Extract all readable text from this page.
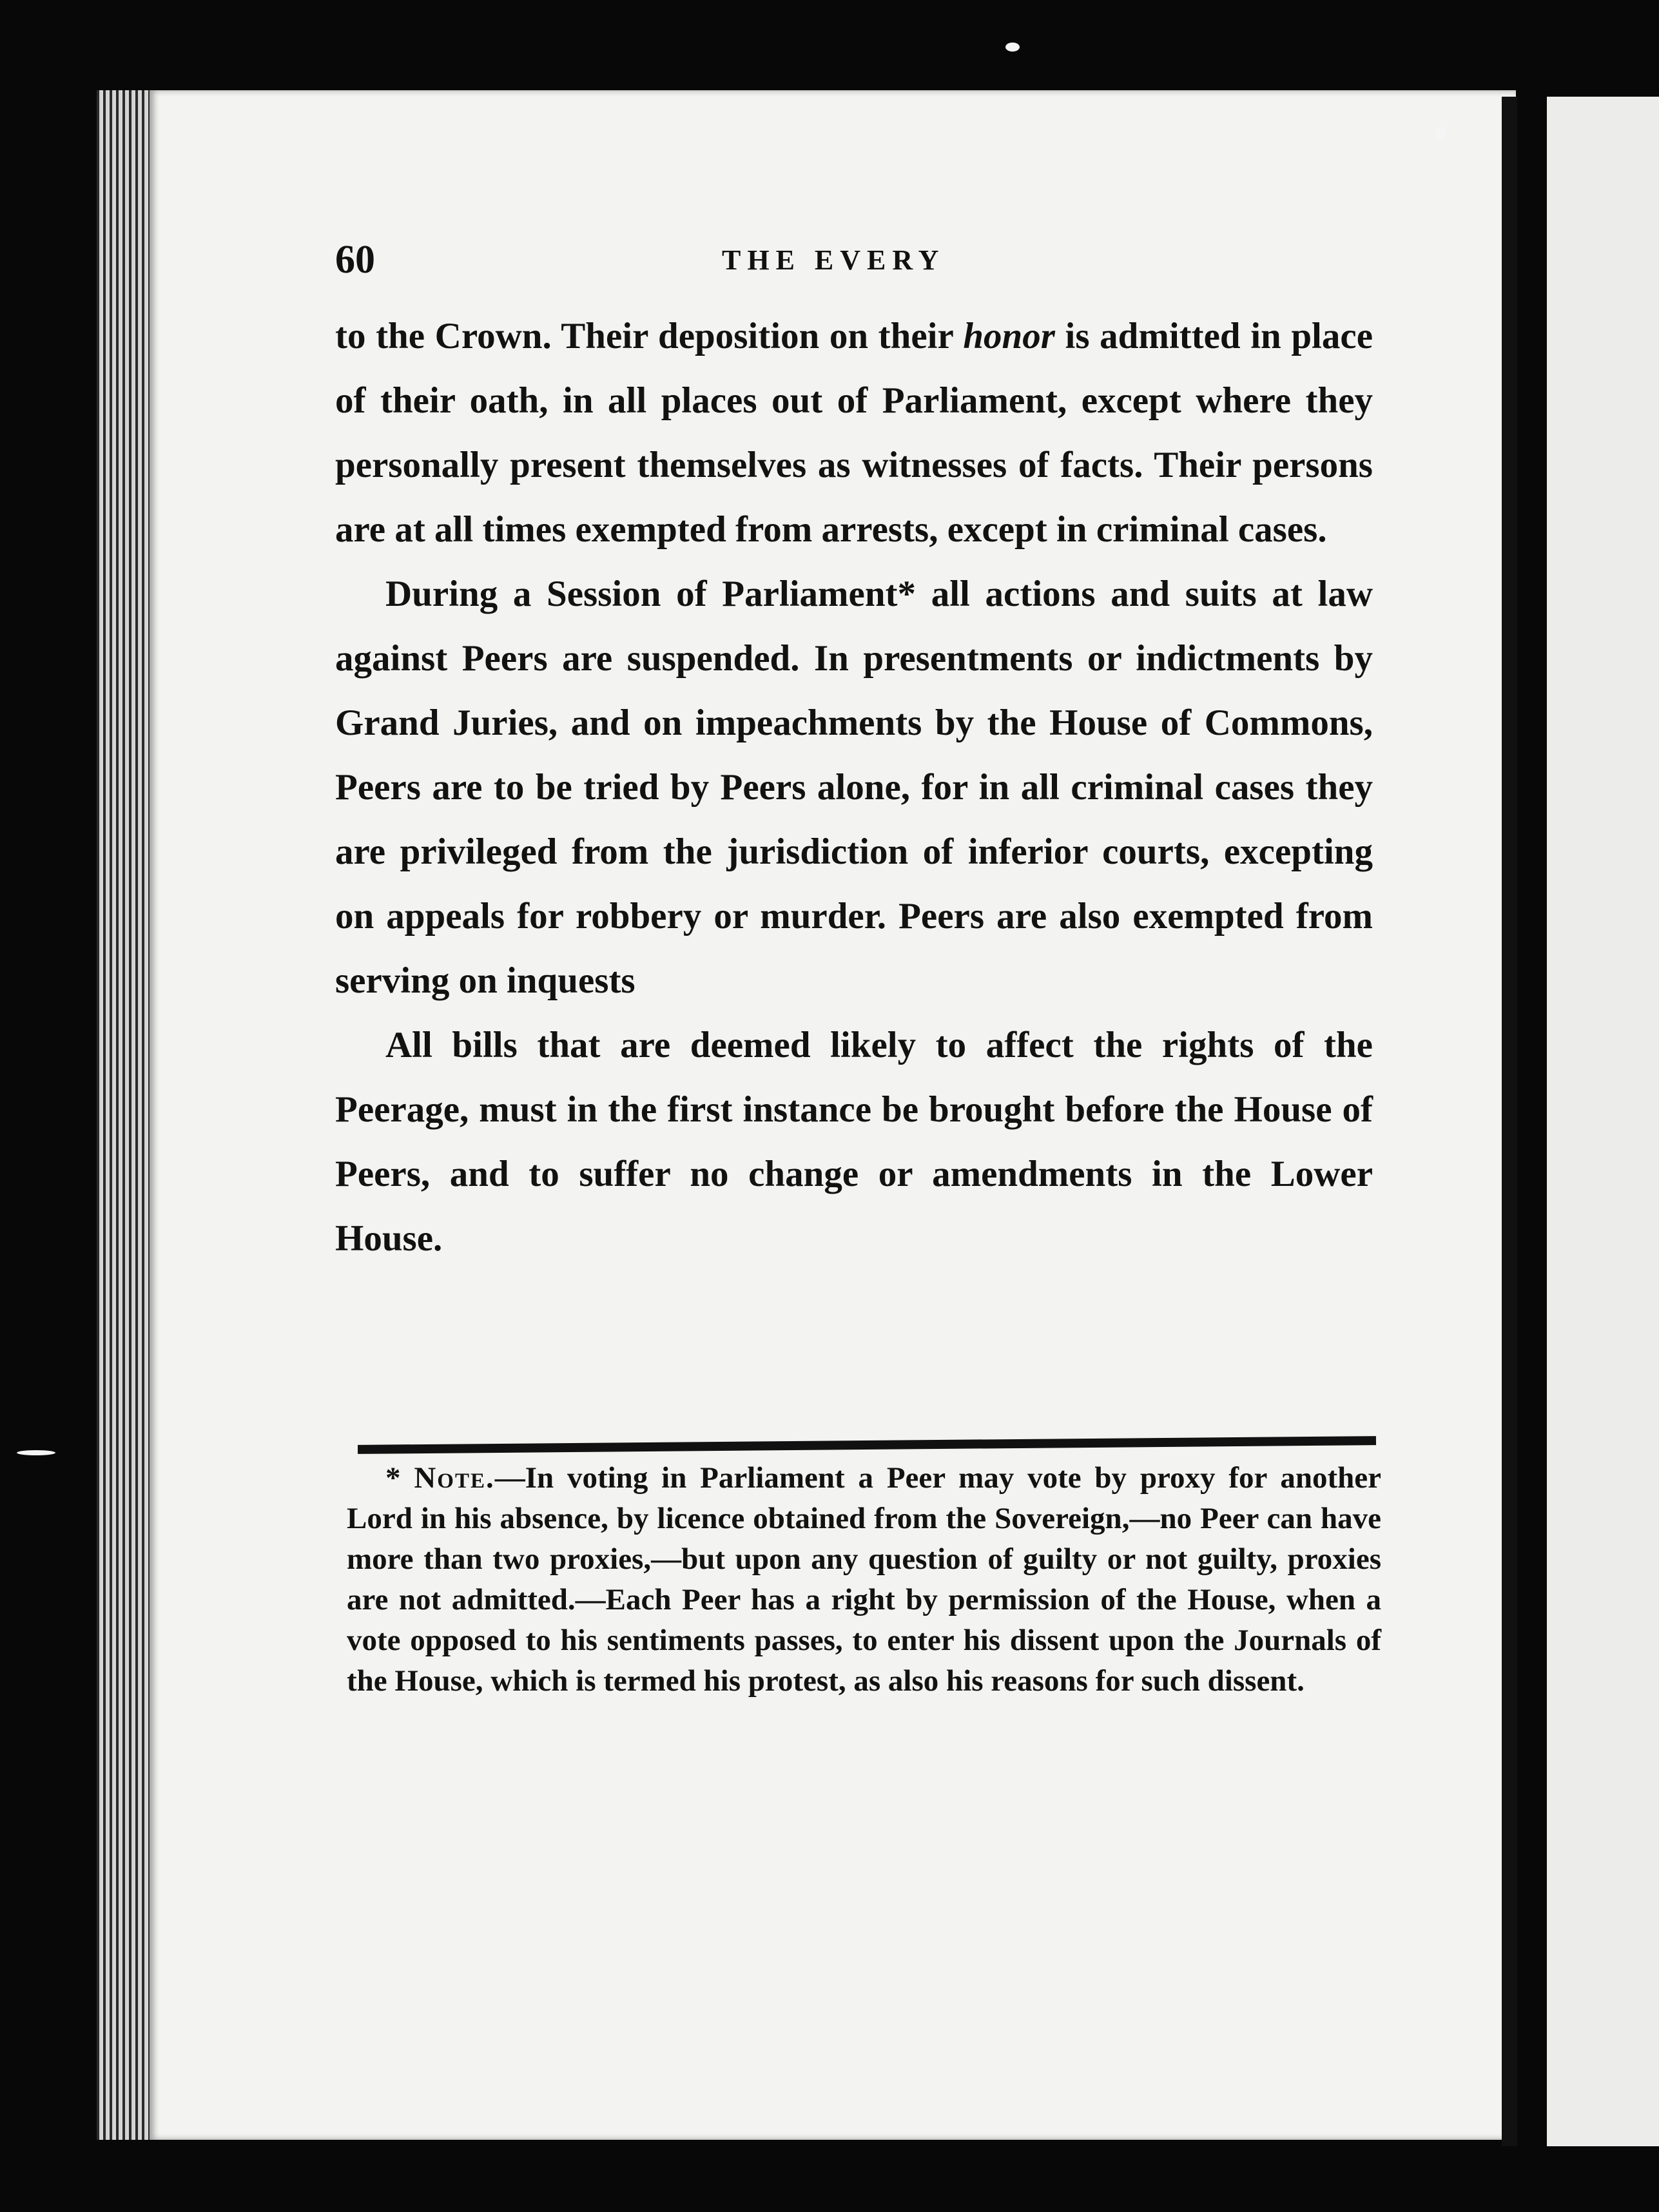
60	THE EVERY

to the Crown. Their deposition on their honor is admitted in place of their oath, in all places out of Parliament, except where they personally present themselves as witnesses of facts. Their persons are at all times exempted from arrests, except in criminal cases.

During a Session of Parliament* all actions and suits at law against Peers are suspended. In presentments or indictments by Grand Juries, and on impeachments by the House of Commons, Peers are to be tried by Peers alone, for in all criminal cases they are privileged from the jurisdiction of inferior courts, excepting on appeals for robbery or murder. Peers are also exempted from serving on inquests

All bills that are deemed likely to affect the rights of the Peerage, must in the first instance be brought before the House of Peers, and to suffer no change or amendments in the Lower House.

* Note.—In voting in Parliament a Peer may vote by proxy for another Lord in his absence, by licence obtained from the Sovereign,—no Peer can have more than two proxies,—but upon any question of guilty or not guilty, proxies are not admitted.—Each Peer has a right by permission of the House, when a vote opposed to his sentiments passes, to enter his dissent upon the Journals of the House, which is termed his protest, as also his reasons for such dissent.
